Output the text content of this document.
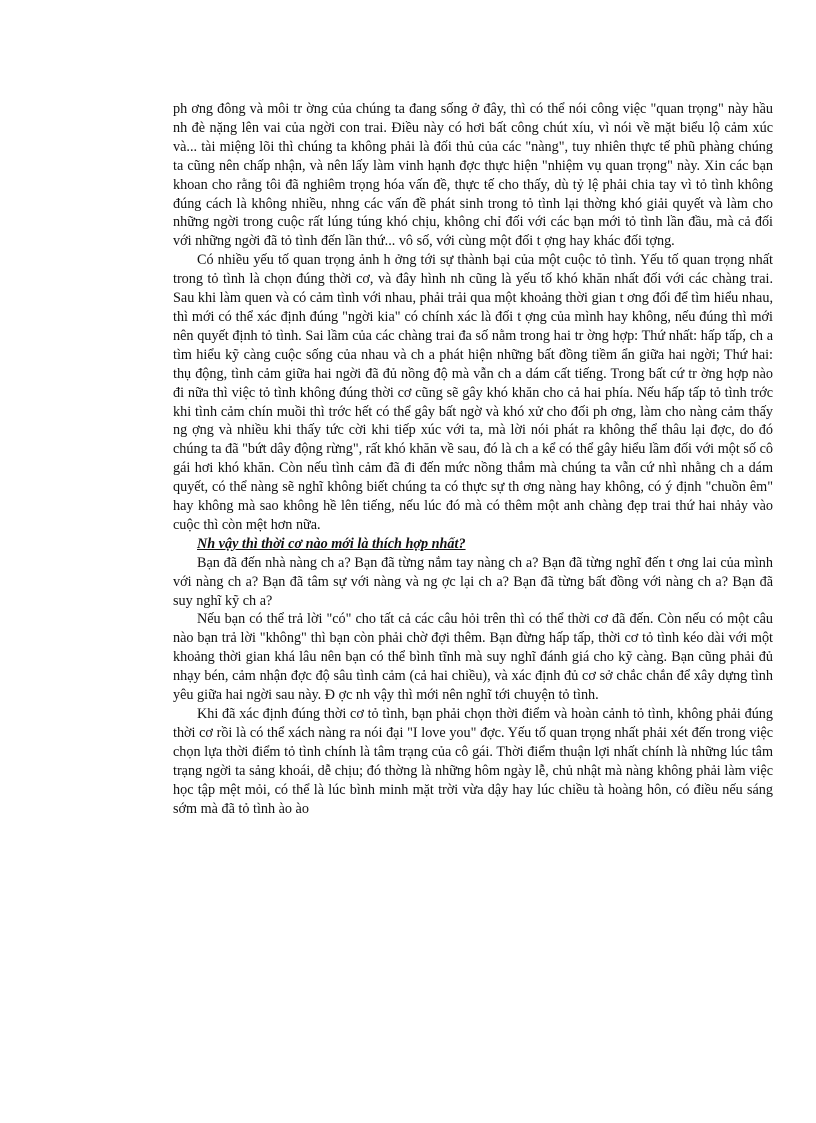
ph ơng đông và môi tr ờng của chúng ta đang sống ở đây, thì có thể nói công việc "quan trọng" này hầu nh đè nặng lên vai của ngời con trai. Điều này có hơi bất công chút xíu, vì nói về mặt biểu lộ cảm xúc và... tài miệng lõi thì chúng ta không phải là đối thủ của các "nàng", tuy nhiên thực tế phũ phàng chúng ta cũng nên chấp nhận, và nên lấy làm vinh hạnh đợc thực hiện "nhiệm vụ quan trọng" này. Xin các bạn khoan cho rằng tôi đã nghiêm trọng hóa vấn đề, thực tế cho thấy, dù tỷ lệ phải chia tay vì tỏ tình không đúng cách là không nhiều, nhng các vấn đề phát sinh trong tỏ tình lại thờng khó giải quyết và làm cho những ngời trong cuộc rất lúng túng khó chịu, không chỉ đối với các bạn mới tỏ tình lần đầu, mà cả đối với những ngời đã tỏ tình đến lần thứ... vô số, với cùng một đối t ợng hay khác đối tợng.

Có nhiều yếu tố quan trọng ảnh h ởng tới sự thành bại của một cuộc tỏ tình. Yếu tố quan trọng nhất trong tỏ tình là chọn đúng thời cơ, và đây hình nh cũng là yếu tố khó khăn nhất đối với các chàng trai. Sau khi làm quen và có cảm tình với nhau, phải trải qua một khoảng thời gian t ơng đối để tìm hiểu nhau, thì mới có thể xác định đúng "ngời kia" có chính xác là đối t ợng của mình hay không, nếu đúng thì mới nên quyết định tỏ tình. Sai lầm của các chàng trai đa số nằm trong hai tr ờng hợp: Thứ nhất: hấp tấp, ch a tìm hiểu kỹ càng cuộc sống của nhau và ch a phát hiện những bất đồng tiềm ẩn giữa hai ngời; Thứ hai: thụ động, tình cảm giữa hai ngời đã đủ nồng độ mà vẫn ch a dám cất tiếng. Trong bất cứ tr ờng hợp nào đi nữa thì việc tỏ tình không đúng thời cơ cũng sẽ gây khó khăn cho cả hai phía. Nếu hấp tấp tỏ tình trớc khi tình cảm chín muồi thì trớc hết có thể gây bất ngờ và khó xử cho đối ph ơng, làm cho nàng cảm thấy ng ợng và nhiều khi thấy tức cời khi tiếp xúc với ta, mà lời nói phát ra không thể thâu lại đợc, do đó chúng ta đã "bứt dây động rừng", rất khó khăn về sau, đó là ch a kể có thể gây hiểu lầm đối với một số cô gái hơi khó khăn. Còn nếu tình cảm đã đi đến mức nồng thắm mà chúng ta vẫn cứ nhì nhằng ch a dám quyết, có thể nàng sẽ nghĩ không biết chúng ta có thực sự th ơng nàng hay không, có ý định "chuồn êm" hay không mà sao không hề lên tiếng, nếu lúc đó mà có thêm một anh chàng đẹp trai thứ hai nhảy vào cuộc thì còn mệt hơn nữa.

Nh vậy thì thời cơ nào mới là thích hợp nhất?

Bạn đã đến nhà nàng ch a? Bạn đã từng nắm tay nàng ch a? Bạn đã từng nghĩ đến t ơng lai của mình với nàng ch a? Bạn đã tâm sự với nàng và ng ợc lại ch a? Bạn đã từng bất đồng với nàng ch a? Bạn đã suy nghĩ kỹ ch a?

Nếu bạn có thể trả lời "có" cho tất cả các câu hỏi trên thì có thể thời cơ đã đến. Còn nếu có một câu nào bạn trả lời "không" thì bạn còn phải chờ đợi thêm. Bạn đừng hấp tấp, thời cơ tỏ tình kéo dài với một khoảng thời gian khá lâu nên bạn có thể bình tĩnh mà suy nghĩ đánh giá cho kỹ càng. Bạn cũng phải đủ nhạy bén, cảm nhận đợc độ sâu tình cảm (cả hai chiều), và xác định đủ cơ sở chắc chắn để xây dựng tình yêu giữa hai ngời sau này. Đ ợc nh vậy thì mới nên nghĩ tới chuyện tỏ tình.

Khi đã xác định đúng thời cơ tỏ tình, bạn phải chọn thời điểm và hoàn cảnh tỏ tình, không phải đúng thời cơ rồi là có thể xách nàng ra nói đại "I love you" đợc. Yếu tố quan trọng nhất phải xét đến trong việc chọn lựa thời điểm tỏ tình chính là tâm trạng của cô gái. Thời điểm thuận lợi nhất chính là những lúc tâm trạng ngời ta sảng khoái, dễ chịu; đó thờng là những hôm ngày lễ, chủ nhật mà nàng không phải làm việc học tập mệt mỏi, có thể là lúc bình minh mặt trời vừa dậy hay lúc chiều tà hoàng hôn, có điều nếu sáng sớm mà đã tỏ tình ào ào
